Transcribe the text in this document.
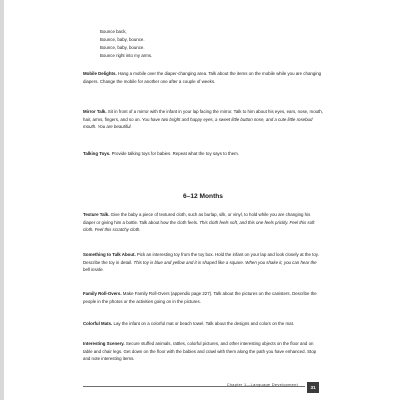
Bounce back,
Bounce, baby, bounce.
Bounce, baby, bounce.
Bounce right into my arms.

Mobile Delights. Hang a mobile over the diaper-changing area. Talk about the items on the mobile while you are changing diapers. Change the mobile for another one after a couple of weeks.

Mirror Talk. Sit in front of a mirror with the infant in your lap facing the mirror. Talk to him about his eyes, ears, nose, mouth, hair, arms, fingers, and so on. You have two bright and happy eyes, a sweet little button nose, and a cute little rosebud mouth. You are beautiful.

Talking Toys. Provide talking toys for babies. Repeat what the toy says to them.

6–12 Months

Texture Talk. Give the baby a piece of textured cloth, such as burlap, silk, or vinyl, to hold while you are changing his diaper or giving him a bottle. Talk about how the cloth feels. This cloth feels soft, and this one feels prickly. Feel this soft cloth. Feel this scratchy cloth.

Something to Talk About. Pick an interesting toy from the toy box. Hold the infant on your lap and look closely at the toy. Describe the toy in detail. This toy is blue and yellow and it is shaped like a square. When you shake it, you can hear the bell inside.

Family Roll-Overs. Make Family Roll-Overs (appendix page 227). Talk about the pictures on the canisters. Describe the people in the photos or the activities going on in the pictures.

Colorful Mats. Lay the infant on a colorful mat or beach towel. Talk about the designs and colors on the mat.

Interesting Scenery. Secure stuffed animals, rattles, colorful pictures, and other interesting objects on the floor and on table and chair legs. Get down on the floor with the babies and crawl with them along the path you have enhanced. Stop and note interesting items.

Chapter 1—Language Development
31
